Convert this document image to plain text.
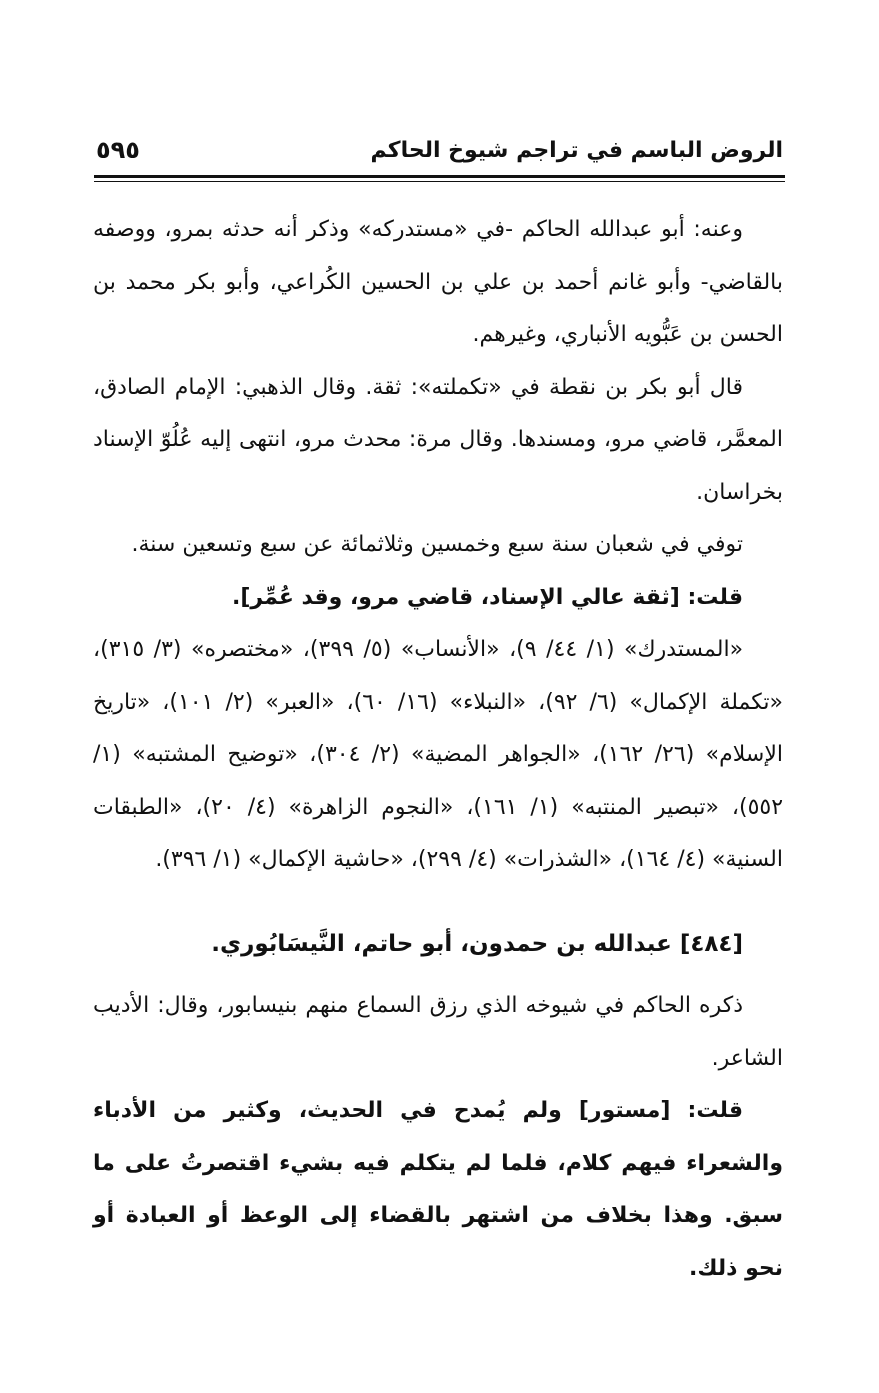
الروض الباسم في تراجم شيوخ الحاكم
٥٩٥

وعنه: أبو عبدالله الحاكم -في «مستدركه» وذكر أنه حدثه بمرو، ووصفه بالقاضي- وأبو غانم أحمد بن علي بن الحسين الكُراعي، وأبو بكر محمد بن الحسن بن عَبُّويه الأنباري، وغيرهم.

قال أبو بكر بن نقطة في «تكملته»: ثقة. وقال الذهبي: الإمام الصادق، المعمَّر، قاضي مرو، ومسندها. وقال مرة: محدث مرو، انتهى إليه عُلُوّ الإسناد بخراسان.

توفي في شعبان سنة سبع وخمسين وثلاثمائة عن سبع وتسعين سنة.

قلت: [ثقة عالي الإسناد، قاضي مرو، وقد عُمِّر].

«المستدرك» (١/ ٤٤/ ٩)، «الأنساب» (٥/ ٣٩٩)، «مختصره» (٣/ ٣١٥)، «تكملة الإكمال» (٦/ ٩٢)، «النبلاء» (١٦/ ٦٠)، «العبر» (٢/ ١٠١)، «تاريخ الإسلام» (٢٦/ ١٦٢)، «الجواهر المضية» (٢/ ٣٠٤)، «توضيح المشتبه» (١/ ٥٥٢)، «تبصير المنتبه» (١/ ١٦١)، «النجوم الزاهرة» (٤/ ٢٠)، «الطبقات السنية» (٤/ ١٦٤)، «الشذرات» (٤/ ٢٩٩)، «حاشية الإكمال» (١/ ٣٩٦).

[٤٨٤] عبدالله بن حمدون، أبو حاتم، النَّيسَابُوري.

ذكره الحاكم في شيوخه الذي رزق السماع منهم بنيسابور، وقال: الأديب الشاعر.

قلت: [مستور] ولم يُمدح في الحديث، وكثير من الأدباء والشعراء فيهم كلام، فلما لم يتكلم فيه بشيء اقتصرتُ على ما سبق. وهذا بخلاف من اشتهر بالقضاء إلى الوعظ أو العبادة أو نحو ذلك.
